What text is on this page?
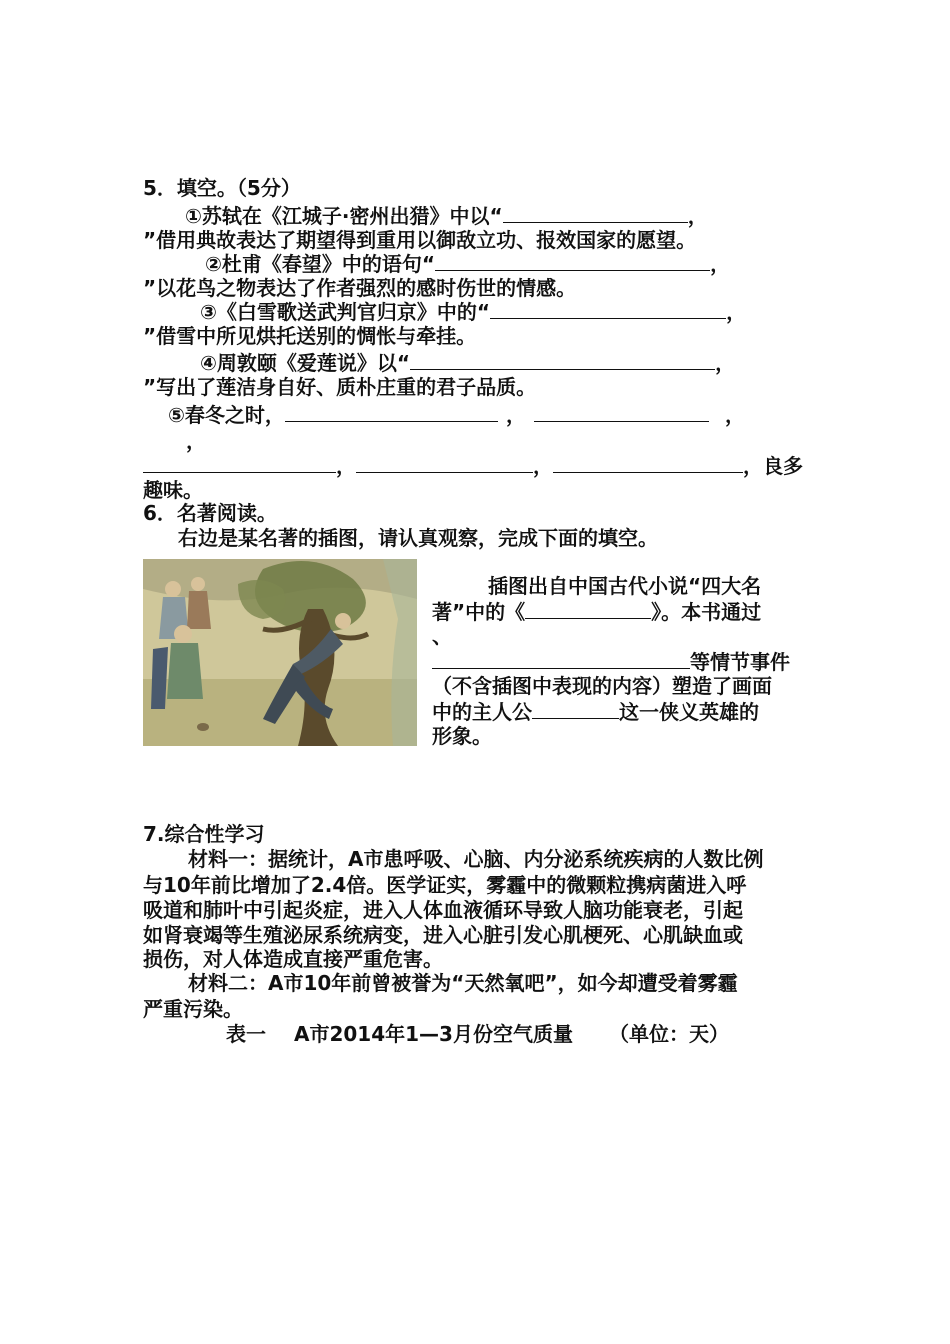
5．填空。（5分）
①苏轼在《江城子·密州出猎》中以“	，
”借用典故表达了期望得到重用以御敌立功、报效国家的愿望。
②杜甫《春望》中的语句“	，
”以花鸟之物表达了作者强烈的感时伤世的情感。
③《白雪歌送武判官归京》中的“	，
”借雪中所见烘托送别的惆怅与牵挂。
④周敦颐《爱莲说》以“	，
”写出了莲洁身自好、质朴庄重的君子品质。
⑤春冬之时，	，	，
，
，	，	，良多
趣味。
6．名著阅读。
右边是某名著的插图，请认真观察，完成下面的填空。
插图出自中国古代小说“四大名
著”中的《	》。本书通过
、
等情节事件
（不含插图中表现的内容）塑造了画面
中的主人公	这一侠义英雄的
形象。
7.综合性学习
材料一：据统计，A市患呼吸、心脑、内分泌系统疾病的人数比例
与10年前比增加了2.4倍。医学证实，雾霾中的微颗粒携病菌进入呼
吸道和肺叶中引起炎症，进入人体血液循环导致人脑功能衰老，引起
如肾衰竭等生殖泌尿系统病变，进入心脏引发心肌梗死、心肌缺血或
损伤，对人体造成直接严重危害。
材料二：A市10年前曾被誉为“天然氧吧”，如今却遭受着雾霾
严重污染。
表一 A市2014年1—3月份空气质量 （单位：天）
